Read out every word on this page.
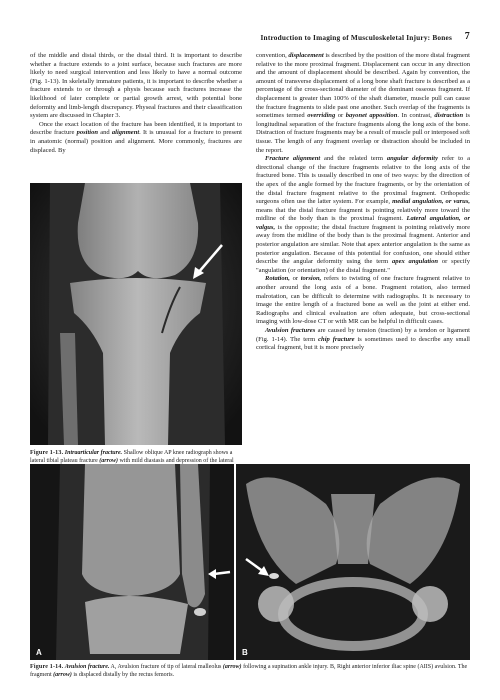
Introduction to Imaging of Musculoskeletal Injury: Bones 7

of the middle and distal thirds, or the distal third. It is important to describe whether a fracture extends to a joint surface, because such fractures are more likely to need surgical intervention and less likely to have a normal outcome (Fig. 1-13). In skeletally immature patients, it is important to describe whether a fracture extends to or through a physis because such fractures increase the likelihood of later complete or partial growth arrest, with potential bone deformity and limb-length discrepancy. Physeal fractures and their classification system are discussed in Chapter 3.

Once the exact location of the fracture has been identified, it is important to describe fracture position and alignment. It is unusual for a fracture to present in anatomic (normal) position and alignment. More commonly, fractures are displaced. By

convention, displacement is described by the position of the more distal fragment relative to the more proximal fragment. Displacement can occur in any direction and the amount of displacement should be described. Again by convention, the amount of transverse displacement of a long bone shaft fracture is described as a percentage of the cross-sectional diameter of the dominant osseous fragment. If displacement is greater than 100% of the shaft diameter, muscle pull can cause the fracture fragments to slide past one another. Such overlap of the fragments is sometimes termed overriding or bayonet apposition. In contrast, distraction is longitudinal separation of the fracture fragments along the long axis of the bone. Distraction of fracture fragments may be a result of muscle pull or interposed soft tissue. The length of any fragment overlap or distraction should be included in the report.

Fracture alignment and the related term angular deformity refer to a directional change of the fracture fragments relative to the long axis of the fractured bone. This is usually described in one of two ways: by the direction of the apex of the angle formed by the fracture fragments, or by the orientation of the distal fracture fragment relative to the proximal fragment. Orthopedic surgeons often use the latter system. For example, medial angulation, or varus, means that the distal fracture fragment is pointing relatively more toward the midline of the body than is the proximal fragment. Lateral angulation, or valgus, is the opposite; the distal fracture fragment is pointing relatively more away from the midline of the body than is the proximal fragment. Anterior and posterior angulation are similar. Note that apex anterior angulation is the same as posterior angulation. Because of this potential for confusion, one should either describe the angular deformity using the term apex angulation or specify "angulation (or orientation) of the distal fragment."

Rotation, or torsion, refers to twisting of one fracture fragment relative to another around the long axis of a bone. Fragment rotation, also termed malrotation, can be difficult to determine with radiographs. It is necessary to image the entire length of a fractured bone as well as the joint at either end. Radiographs and clinical evaluation are often adequate, but cross-sectional imaging with low-dose CT or with MR can be helpful in difficult cases.

Avulsion fractures are caused by tension (traction) by a tendon or ligament (Fig. 1-14). The term chip fracture is sometimes used to describe any small cortical fragment, but it is more precisely

Figure 1-13. Intraarticular fracture. Shallow oblique AP knee radiograph shows a lateral tibial plateau fracture (arrow) with mild diastasis and depression of the lateral
A	B
Figure 1-14. Avulsion fracture. A, Avulsion fracture of tip of lateral malleolus (arrow) following a supination ankle injury. B, Right anterior inferior iliac spine (AIIS) avulsion. The fragment (arrow) is displaced distally by the rectus femoris.
